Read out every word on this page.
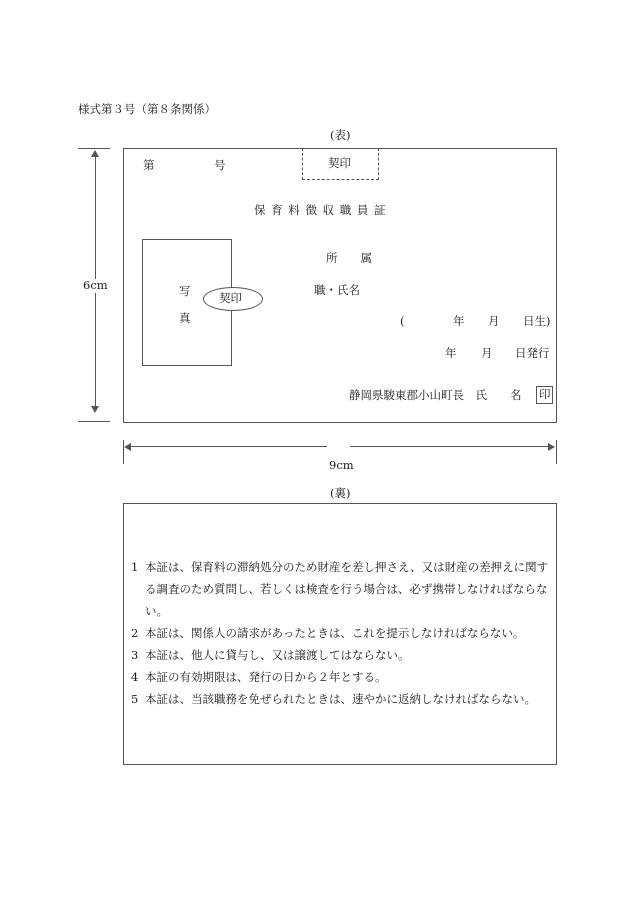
様式第３号（第８条関係）
(表)
6cm
第	号	契印
保 育 料 徴 収 職 員 証
写
真
契印
所　　属
職・氏名
(	年 月 日生)
年 月 日発行
静岡県駿東郡小山町長　氏　　名 印
9cm
(裏)
1 本証は、保育料の滞納処分のため財産を差し押さえ、又は財産の差押えに関する調査のため質問し、若しくは検査を行う場合は、必ず携帯しなければならない。
2 本証は、関係人の請求があったときは、これを提示しなければならない。
3 本証は、他人に貸与し、又は譲渡してはならない。
4 本証の有効期限は、発行の日から２年とする。
5 本証は、当該職務を免ぜられたときは、速やかに返納しなければならない。
